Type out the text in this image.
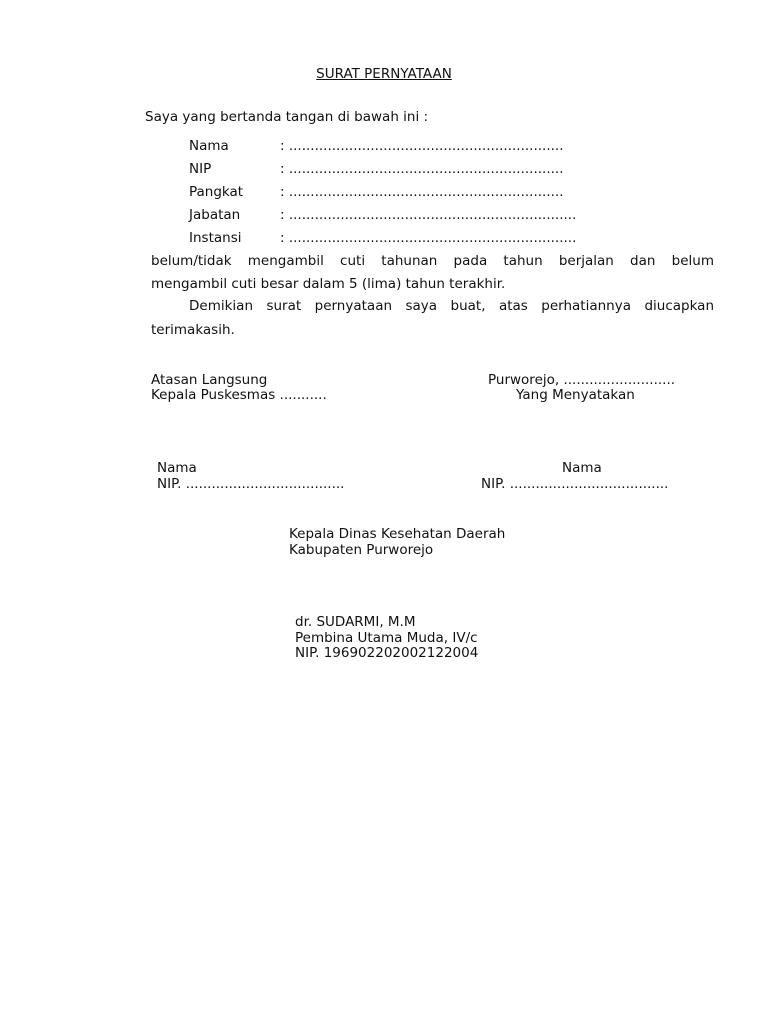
SURAT PERNYATAAN
Saya yang bertanda tangan di bawah ini :
Nama	: ................................................................
NIP	: ................................................................
Pangkat	: ................................................................
Jabatan	: ...................................................................
Instansi	: ...................................................................
belum/tidak mengambil cuti tahunan pada tahun berjalan dan belum
mengambil cuti besar dalam 5 (lima) tahun terakhir.
Demikian surat pernyataan saya buat, atas perhatiannya diucapkan
terimakasih.
Atasan Langsung
Kepala Puskesmas ...........
Purworejo, ..........................
Yang Menyatakan
Nama
NIP. .....................................
Nama
NIP. .....................................
Kepala Dinas Kesehatan Daerah
Kabupaten Purworejo
dr. SUDARMI, M.M
Pembina Utama Muda, IV/c
NIP. 196902202002122004
